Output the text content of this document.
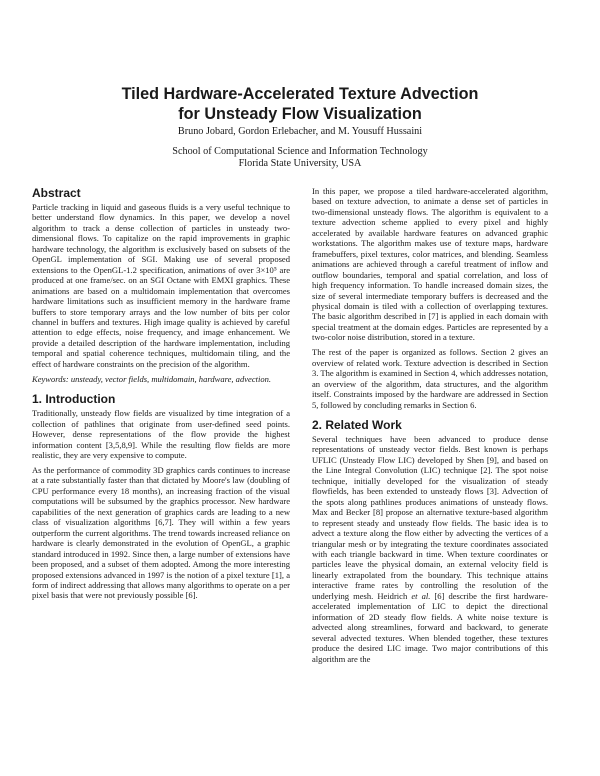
Tiled Hardware-Accelerated Texture Advection
for Unsteady Flow Visualization
Bruno Jobard, Gordon Erlebacher, and M. Yousuff Hussaini
School of Computational Science and Information Technology
Florida State University, USA
Abstract

Particle tracking in liquid and gaseous fluids is a very useful technique to better understand flow dynamics. In this paper, we develop a novel algorithm to track a dense collection of particles in unsteady two-dimensional flows. To capitalize on the rapid improvements in graphic hardware technology, the algorithm is exclusively based on subsets of the OpenGL implementation of SGI. Making use of several proposed extensions to the OpenGL-1.2 specification, animations of over 3×10⁵ are produced at one frame/sec. on an SGI Octane with EMXI graphics. These animations are based on a multidomain implementation that overcomes hardware limitations such as insufficient memory in the hardware frame buffers to store temporary arrays and the low number of bits per color channel in buffers and textures. High image quality is achieved by careful attention to edge effects, noise frequency, and image enhancement. We provide a detailed description of the hardware implementation, including temporal and spatial coherence techniques, multidomain tiling, and the effect of hardware constraints on the precision of the algorithm.

Keywords: unsteady, vector fields, multidomain, hardware, advection.

1. Introduction

Traditionally, unsteady flow fields are visualized by time integration of a collection of pathlines that originate from user-defined seed points. However, dense representations of the flow provide the highest information content [3,5,8,9]. While the resulting flow fields are more realistic, they are very expensive to compute.

As the performance of commodity 3D graphics cards continues to increase at a rate substantially faster than that dictated by Moore's law (doubling of CPU performance every 18 months), an increasing fraction of the visual computations will be subsumed by the graphics processor. New hardware capabilities of the next generation of graphics cards are leading to a new class of visualization algorithms [6,7]. They will within a few years outperform the current algorithms. The trend towards increased reliance on hardware is clearly demonstrated in the evolution of OpenGL, a graphic standard introduced in 1992. Since then, a large number of extensions have been proposed, and a subset of them adopted. Among the more interesting proposed extensions advanced in 1997 is the notion of a pixel texture [1], a form of indirect addressing that allows many algorithms to operate on a per pixel basis that were not previously possible [6].

In this paper, we propose a tiled hardware-accelerated algorithm, based on texture advection, to animate a dense set of particles in two-dimensional unsteady flows. The algorithm is equivalent to a texture advection scheme applied to every pixel and highly accelerated by available hardware features on advanced graphic workstations. The algorithm makes use of texture maps, hardware framebuffers, pixel textures, color matrices, and blending. Seamless animations are achieved through a careful treatment of inflow and outflow boundaries, temporal and spatial correlation, and loss of high frequency information. To handle increased domain sizes, the size of several intermediate temporary buffers is decreased and the physical domain is tiled with a collection of overlapping textures. The basic algorithm described in [7] is applied in each domain with special treatment at the domain edges. Particles are represented by a two-color noise distribution, stored in a texture.

The rest of the paper is organized as follows. Section 2 gives an overview of related work. Texture advection is described in Section 3. The algorithm is examined in Section 4, which addresses notation, an overview of the algorithm, data structures, and the algorithm itself. Constraints imposed by the hardware are addressed in Section 5, followed by concluding remarks in Section 6.

2. Related Work

Several techniques have been advanced to produce dense representations of unsteady vector fields. Best known is perhaps UFLIC (Unsteady Flow LIC) developed by Shen [9], and based on the Line Integral Convolution (LIC) technique [2]. The spot noise technique, initially developed for the visualization of steady flowfields, has been extended to unsteady flows [3]. Advection of the spots along pathlines produces animations of unsteady flows. Max and Becker [8] propose an alternative texture-based algorithm to represent steady and unsteady flow fields. The basic idea is to advect a texture along the flow either by advecting the vertices of a triangular mesh or by integrating the texture coordinates associated with each triangle backward in time. When texture coordinates or particles leave the physical domain, an external velocity field is linearly extrapolated from the boundary. This technique attains interactive frame rates by controlling the resolution of the underlying mesh. Heidrich et al. [6] describe the first hardware-accelerated implementation of LIC to depict the directional information of 2D steady flow fields. A white noise texture is advected along streamlines, forward and backward, to generate several advected textures. When blended together, these textures produce the desired LIC image. Two major contributions of this algorithm are the
